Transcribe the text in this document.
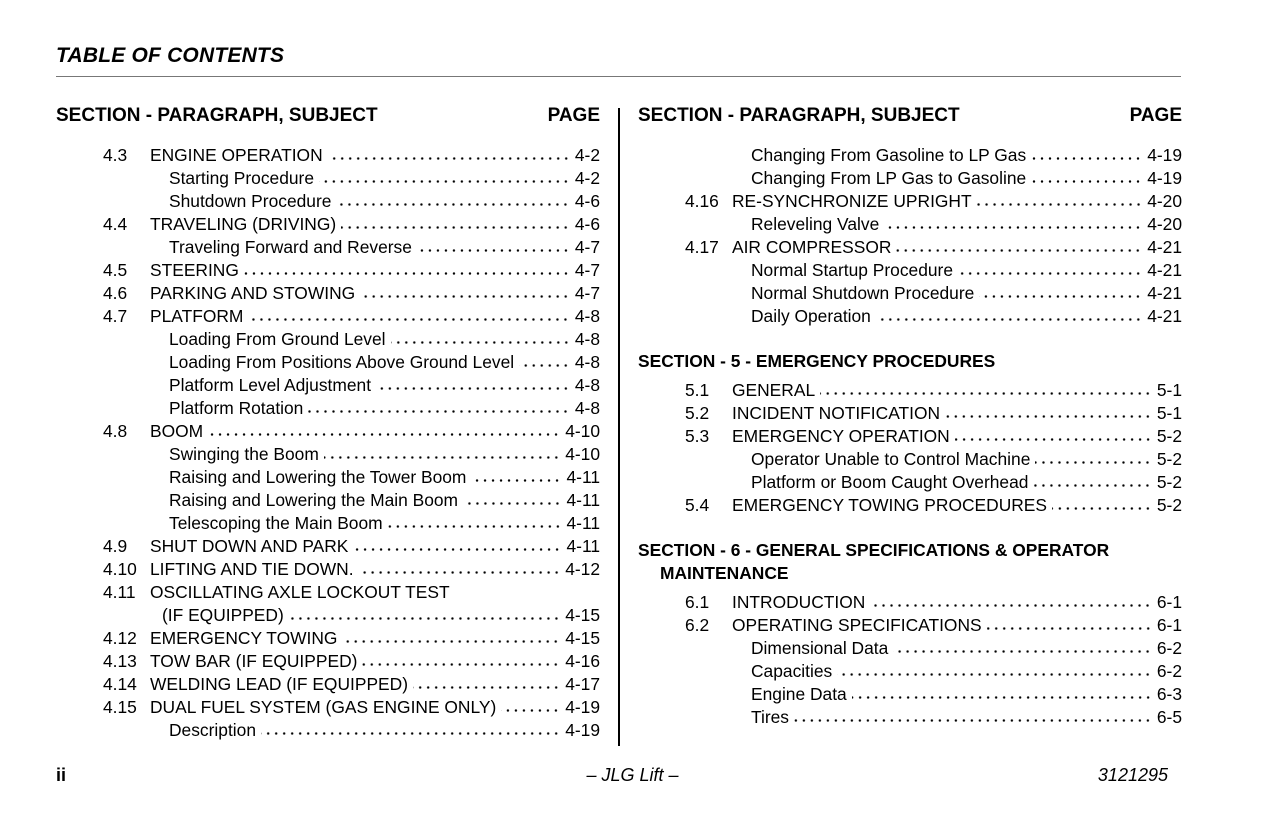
TABLE OF CONTENTS
SECTION - PARAGRAPH, SUBJECT	PAGE SECTION - PARAGRAPH, SUBJECT	PAGE
4.3 ENGINE OPERATION	4-2
Starting Procedure	4-2
Shutdown Procedure	4-6
4.4 TRAVELING (DRIVING)	4-6
Traveling Forward and Reverse	4-7
4.5 STEERING	4-7
4.6 PARKING AND STOWING	4-7
4.7 PLATFORM	4-8
Loading From Ground Level	4-8
Loading From Positions Above Ground Level	4-8
Platform Level Adjustment	4-8
Platform Rotation	4-8
4.8 BOOM	4-10
Swinging the Boom	4-10
Raising and Lowering the Tower Boom	4-11
Raising and Lowering the Main Boom	4-11
Telescoping the Main Boom	4-11
4.9 SHUT DOWN AND PARK	4-11
4.10 LIFTING AND TIE DOWN.	4-12
4.11 OSCILLATING AXLE LOCKOUT TEST
(IF EQUIPPED)	4-15
4.12 EMERGENCY TOWING	4-15
4.13 TOW BAR (IF EQUIPPED)	4-16
4.14 WELDING LEAD (IF EQUIPPED)	4-17
4.15 DUAL FUEL SYSTEM (GAS ENGINE ONLY)	4-19
Description	4-19
Changing From Gasoline to LP Gas	4-19
Changing From LP Gas to Gasoline	4-19
4.16 RE-SYNCHRONIZE UPRIGHT	4-20
Releveling Valve	4-20
4.17 AIR COMPRESSOR	4-21
Normal Startup Procedure	4-21
Normal Shutdown Procedure	4-21
Daily Operation	4-21
SECTION - 5 - EMERGENCY PROCEDURES
5.1 GENERAL	5-1
5.2 INCIDENT NOTIFICATION	5-1
5.3 EMERGENCY OPERATION	5-2
Operator Unable to Control Machine	5-2
Platform or Boom Caught Overhead	5-2
5.4 EMERGENCY TOWING PROCEDURES	5-2
SECTION - 6 - GENERAL SPECIFICATIONS & OPERATOR
MAINTENANCE
6.1 INTRODUCTION	6-1
6.2 OPERATING SPECIFICATIONS	6-1
Dimensional Data	6-2
Capacities	6-2
Engine Data	6-3
Tires	6-5
ii	– JLG Lift –	3121295
